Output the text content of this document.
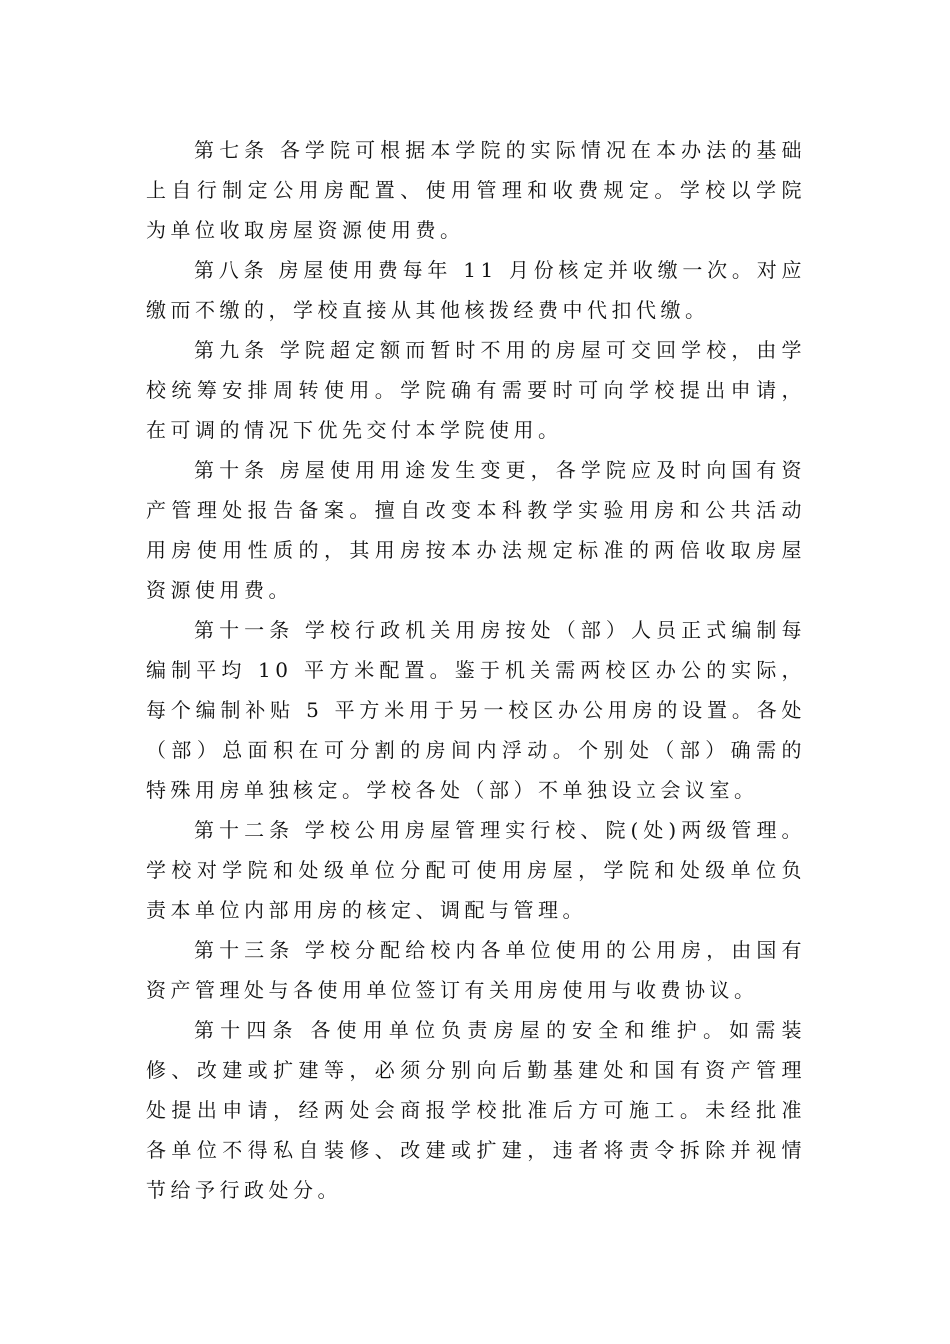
第七条 各学院可根据本学院的实际情况在本办法的基础上自行制定公用房配置、使用管理和收费规定。学校以学院为单位收取房屋资源使用费。

第八条 房屋使用费每年 11 月份核定并收缴一次。对应缴而不缴的，学校直接从其他核拨经费中代扣代缴。

第九条 学院超定额而暂时不用的房屋可交回学校，由学校统筹安排周转使用。学院确有需要时可向学校提出申请，在可调的情况下优先交付本学院使用。

第十条 房屋使用用途发生变更，各学院应及时向国有资产管理处报告备案。擅自改变本科教学实验用房和公共活动用房使用性质的，其用房按本办法规定标准的两倍收取房屋资源使用费。

第十一条 学校行政机关用房按处（部）人员正式编制每编制平均 10 平方米配置。鉴于机关需两校区办公的实际，每个编制补贴 5 平方米用于另一校区办公用房的设置。各处（部）总面积在可分割的房间内浮动。个别处（部）确需的特殊用房单独核定。学校各处（部）不单独设立会议室。

第十二条 学校公用房屋管理实行校、院(处)两级管理。学校对学院和处级单位分配可使用房屋，学院和处级单位负责本单位内部用房的核定、调配与管理。

第十三条 学校分配给校内各单位使用的公用房，由国有资产管理处与各使用单位签订有关用房使用与收费协议。

第十四条 各使用单位负责房屋的安全和维护。如需装修、改建或扩建等，必须分别向后勤基建处和国有资产管理处提出申请，经两处会商报学校批准后方可施工。未经批准各单位不得私自装修、改建或扩建，违者将责令拆除并视情节给予行政处分。
